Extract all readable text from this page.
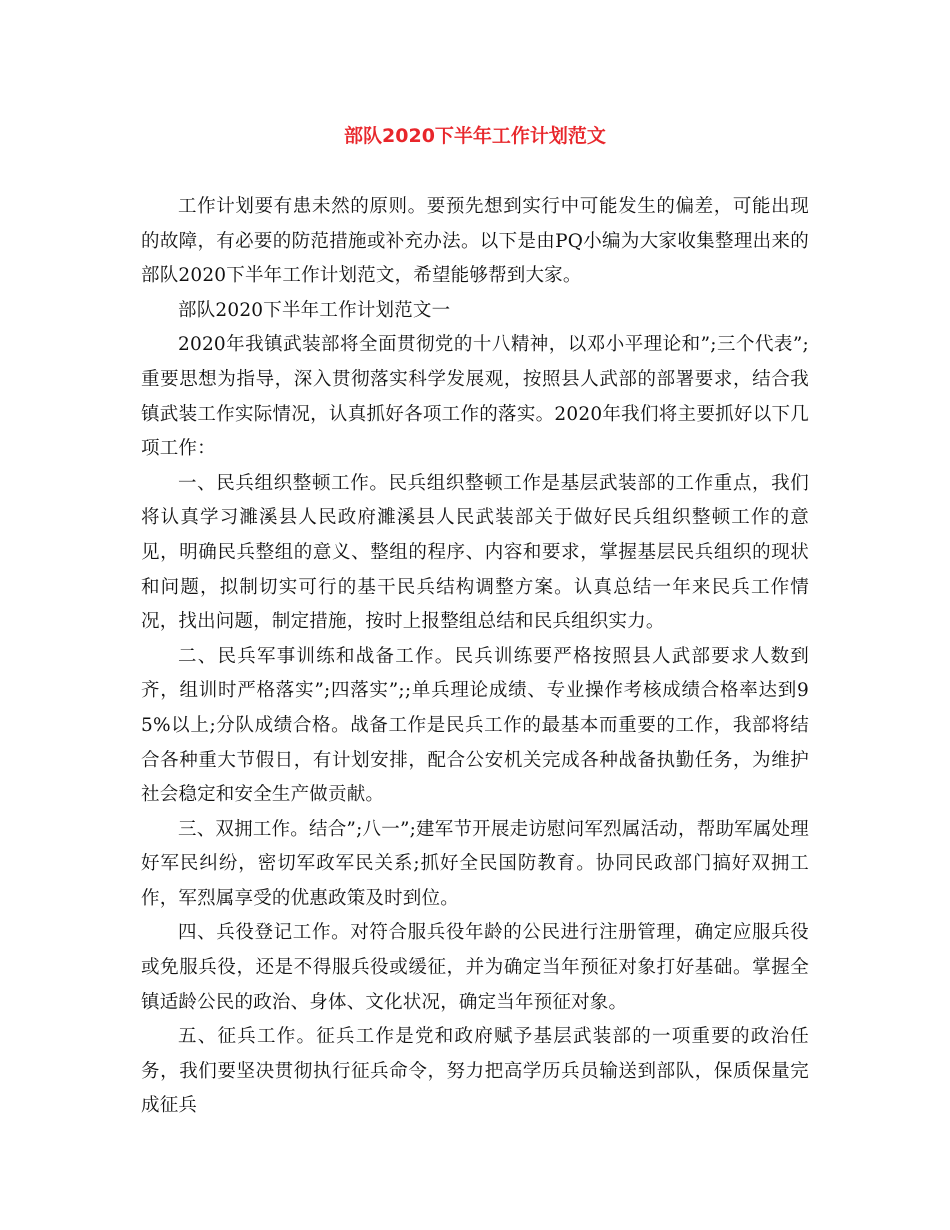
部队2020下半年工作计划范文

工作计划要有患未然的原则。要预先想到实行中可能发生的偏差，可能出现的故障，有必要的防范措施或补充办法。以下是由PQ小编为大家收集整理出来的部队2020下半年工作计划范文，希望能够帮到大家。

部队2020下半年工作计划范文一

2020年我镇武装部将全面贯彻党的十八精神，以邓小平理论和”;三个代表”;重要思想为指导，深入贯彻落实科学发展观，按照县人武部的部署要求，结合我镇武装工作实际情况，认真抓好各项工作的落实。2020年我们将主要抓好以下几项工作：

一、民兵组织整顿工作。民兵组织整顿工作是基层武装部的工作重点，我们将认真学习濉溪县人民政府濉溪县人民武装部关于做好民兵组织整顿工作的意见，明确民兵整组的意义、整组的程序、内容和要求，掌握基层民兵组织的现状和问题，拟制切实可行的基干民兵结构调整方案。认真总结一年来民兵工作情况，找出问题，制定措施，按时上报整组总结和民兵组织实力。

二、民兵军事训练和战备工作。民兵训练要严格按照县人武部要求人数到齐，组训时严格落实”;四落实”;;单兵理论成绩、专业操作考核成绩合格率达到95%以上;分队成绩合格。战备工作是民兵工作的最基本而重要的工作，我部将结合各种重大节假日，有计划安排，配合公安机关完成各种战备执勤任务，为维护社会稳定和安全生产做贡献。

三、双拥工作。结合”;八一”;建军节开展走访慰问军烈属活动，帮助军属处理好军民纠纷，密切军政军民关系;抓好全民国防教育。协同民政部门搞好双拥工作，军烈属享受的优惠政策及时到位。

四、兵役登记工作。对符合服兵役年龄的公民进行注册管理，确定应服兵役或免服兵役，还是不得服兵役或缓征，并为确定当年预征对象打好基础。掌握全镇适龄公民的政治、身体、文化状况，确定当年预征对象。

五、征兵工作。征兵工作是党和政府赋予基层武装部的一项重要的政治任务，我们要坚决贯彻执行征兵命令，努力把高学历兵员输送到部队，保质保量完成征兵
